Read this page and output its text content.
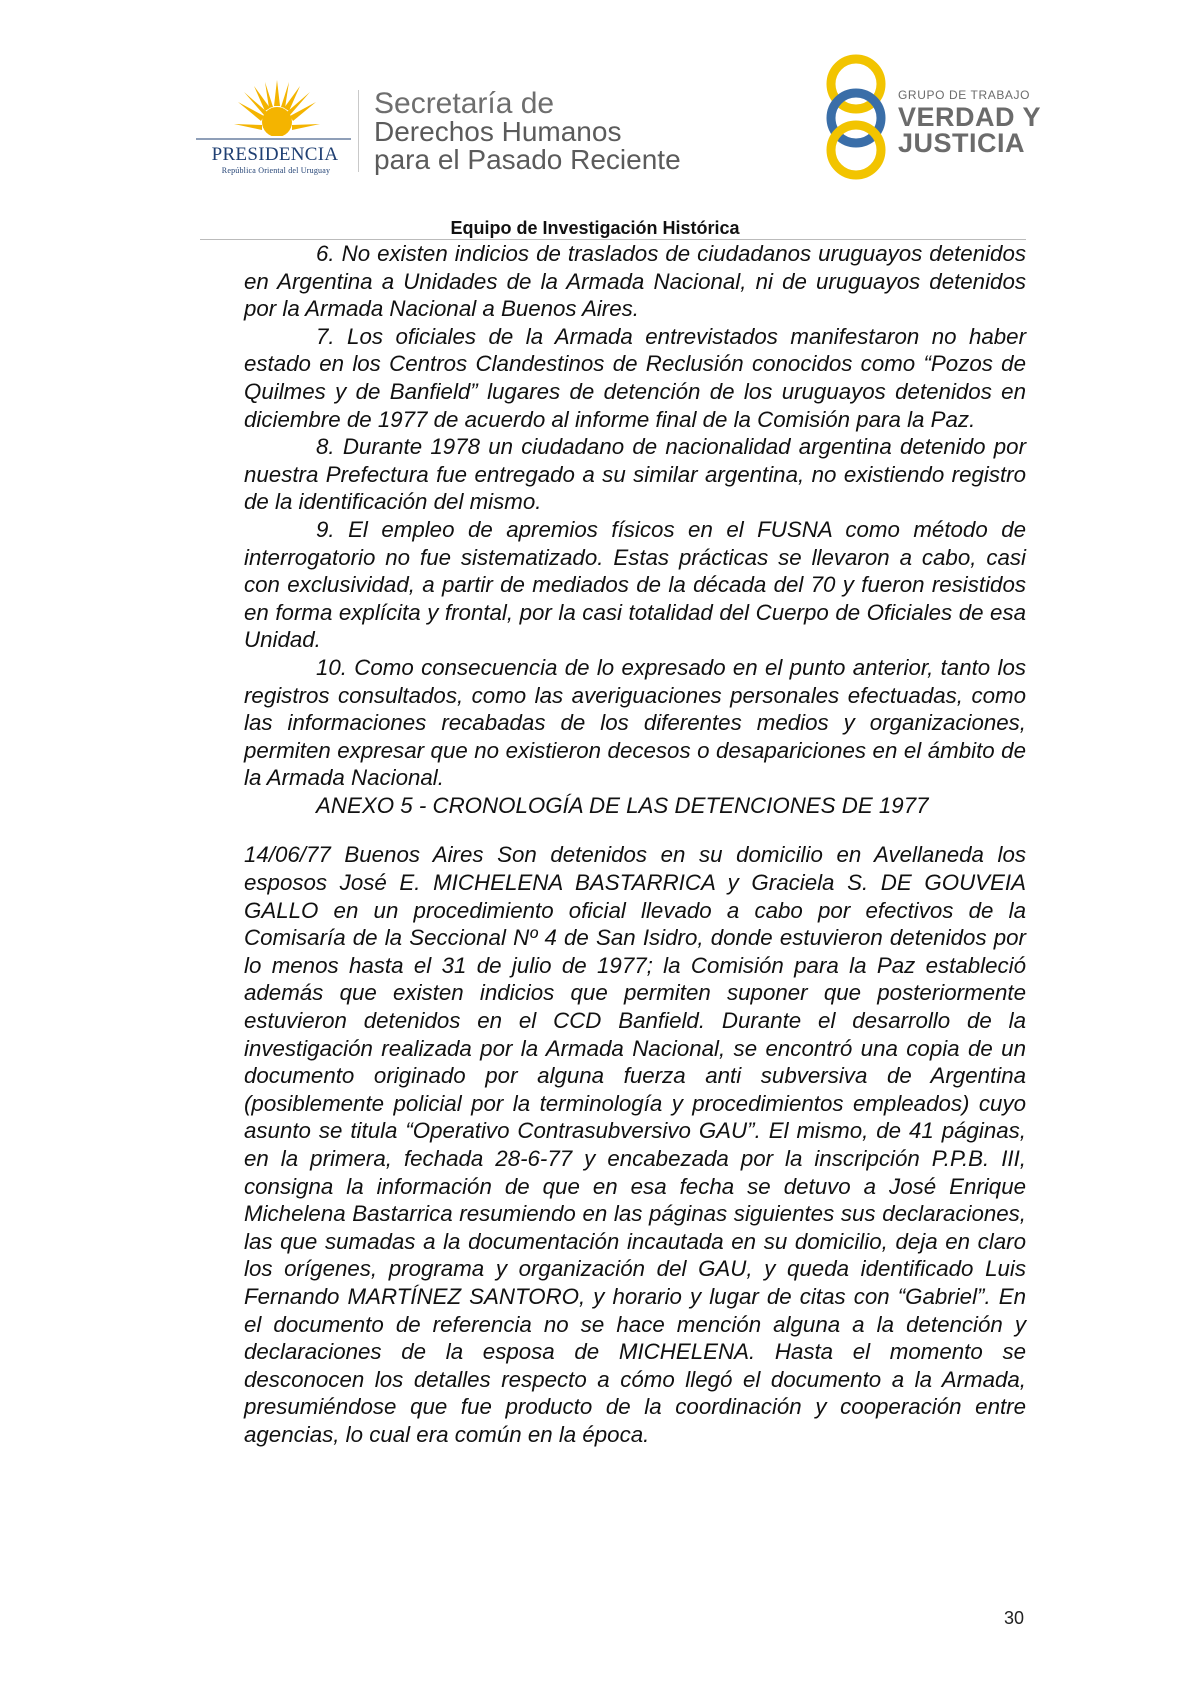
PRESIDENCIA
República Oriental del Uruguay
Secretaría de
Derechos Humanos
para el Pasado Reciente
GRUPO DE TRABAJO
VERDAD Y
JUSTICIA
Equipo de Investigación Histórica

6. No existen indicios de traslados de ciudadanos uruguayos detenidos en Argentina a Unidades de la Armada Nacional, ni de uruguayos detenidos por la Armada Nacional a Buenos Aires.

7. Los oficiales de la Armada entrevistados manifestaron no haber estado en los Centros Clandestinos de Reclusión conocidos como “Pozos de Quilmes y de Banfield” lugares de detención de los uruguayos detenidos en diciembre de 1977 de acuerdo al informe final de la Comisión para la Paz.

8. Durante 1978 un ciudadano de nacionalidad argentina detenido por nuestra Prefectura fue entregado a su similar argentina, no existiendo registro de la identificación del mismo.

9. El empleo de apremios físicos en el FUSNA como método de interrogatorio no fue sistematizado. Estas prácticas se llevaron a cabo, casi con exclusividad, a partir de mediados de la década del 70 y fueron resistidos en forma explícita y frontal, por la casi totalidad del Cuerpo de Oficiales de esa Unidad.

10. Como consecuencia de lo expresado en el punto anterior, tanto los registros consultados, como las averiguaciones personales efectuadas, como las informaciones recabadas de los diferentes medios y organizaciones, permiten expresar que no existieron decesos o desapariciones en el ámbito de la Armada Nacional.

ANEXO 5 - CRONOLOGÍA DE LAS DETENCIONES DE 1977

14/06/77 Buenos Aires Son detenidos en su domicilio en Avellaneda los esposos José E. MICHELENA BASTARRICA y Graciela S. DE GOUVEIA GALLO en un procedimiento oficial llevado a cabo por efectivos de la Comisaría de la Seccional Nº 4 de San Isidro, donde estuvieron detenidos por lo menos hasta el 31 de julio de 1977; la Comisión para la Paz estableció además que existen indicios que permiten suponer que posteriormente estuvieron detenidos en el CCD Banfield. Durante el desarrollo de la investigación realizada por la Armada Nacional, se encontró una copia de un documento originado por alguna fuerza anti subversiva de Argentina (posiblemente policial por la terminología y procedimientos empleados) cuyo asunto se titula “Operativo Contrasubversivo GAU”. El mismo, de 41 páginas, en la primera, fechada 28-6-77 y encabezada por la inscripción P.P.B. III, consigna la información de que en esa fecha se detuvo a José Enrique Michelena Bastarrica resumiendo en las páginas siguientes sus declaraciones, las que sumadas a la documentación incautada en su domicilio, deja en claro los orígenes, programa y organización del GAU, y queda identificado Luis Fernando MARTÍNEZ SANTORO, y horario y lugar de citas con “Gabriel”. En el documento de referencia no se hace mención alguna a la detención y declaraciones de la esposa de MICHELENA. Hasta el momento se desconocen los detalles respecto a cómo llegó el documento a la Armada, presumiéndose que fue producto de la coordinación y cooperación entre agencias, lo cual era común en la época.

30
